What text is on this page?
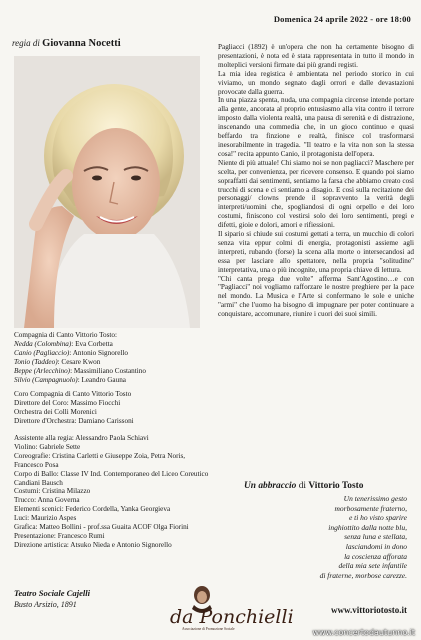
Domenica 24 aprile 2022 - ore 18:00
regia di Giovanna Nocetti

Compagnia di Canto Vittorio Tosto:

Nedda (Colombina): Eva Corbetta

Canio (Pagliaccio): Antonio Signorello

Tonio (Taddeo): Cesare Kwon

Beppe (Arlecchino): Massimiliano Costantino

Silvio (Campagnuolo): Leandro Gauna

Coro Compagnia di Canto Vittorio Tosto

Direttore del Coro: Massimo Fiocchi

Orchestra dei Colli Morenici

Direttore d'Orchestra: Damiano Carissoni

Assistente alla regia: Alessandro Paola Schiavi

Violino: Gabriele Sette

Coreografie: Cristina Carletti e Giuseppe Zoia, Petra Noris, Francesco Posa

Corpo di Ballo: Classe IV Ind. Contemporaneo del Liceo Coreutico Candiani Bausch

Costumi: Cristina Milazzo

Trucco: Anna Governa

Elementi scenici: Federico Cordella, Yanka Georgieva

Luci: Maurizio Aspes

Grafica: Matteo Bollini - prof.ssa Guaita ACOF Olga Fiorini

Presentazione: Francesco Rumi

Direzione artistica: Atsuko Nieda e Antonio Signorello

Teatro Sociale Cajelli
Busto Arsizio, 1891

Pagliacci (1892) è un'opera che non ha certamente bisogno di presentazioni, è nota ed è stata rappresentata in tutto il mondo in molteplici versioni firmate dai più grandi registi.

La mia idea registica è ambientata nel periodo storico in cui viviamo, un mondo segnato dagli orrori e dalle devastazioni provocate dalla guerra.

In una piazza spenta, nuda, una compagnia circense intende portare alla gente, ancorata al proprio entusiasmo alla vita contro il terrore imposto dalla violenta realtà, una pausa di serenità e di distrazione, inscenando una commedia che, in un gioco continuo e quasi beffardo tra finzione e realtà, finisce col trasformarsi inesorabilmente in tragedia. "Il teatro e la vita non son la stessa cosa!" recita appunto Canio, il protagonista dell'opera.

Niente di più attuale! Chi siamo noi se non pagliacci? Maschere per scelta, per convenienza, per ricevere consenso. E quando poi siamo sopraffatti dai sentimenti, sentiamo la farsa che abbiamo creato così trucchi di scena e ci sentiamo a disagio. E così sulla recitazione dei personaggi/ clowns prende il sopravvento la verità degli interpreti/uomini che, spogliandosi di ogni orpello e dei loro costumi, finiscono col vestirsi solo dei loro sentimenti, pregi e difetti, gioie e dolori, amori e rifiessioni.

Il sipario si chiude sui costumi gettati a terra, un mucchio di colori senza vita eppur colmi di energia, protagonisti assieme agli interpreti, rubando (forse) la scena alla morte o intersecandosi ad essa per lasciare allo spettatore, nella propria "solitudine" interpretativa, una o più incognite, una propria chiave di lettura.

"Chi canta prega due volte" afferma Sant'Agostino…e con "Pagliacci" noi vogliamo rafforzare le nostre preghiere per la pace nel mondo. La Musica e l'Arte si confermano le sole e uniche "armi" che l'uomo ha bisogno di impugnare per poter continuare a conquistare, accomunare, riunire i cuori dei suoi simili.

Un abbraccio di Vittorio Tosto
Un tenerissimo gesto
morbosamente fraterno,
e ti ho visto sparire
inghiottito dalla notte blu,
senza luna e stellata,
lasciandomi in dono
la coscienza afforata
della mia sete infantile
di fraterne, morbose carezze.
www.vittoriotosto.it
da Ponchielli
Associazione di Promozione Sociale	www.concertodautunno.it
